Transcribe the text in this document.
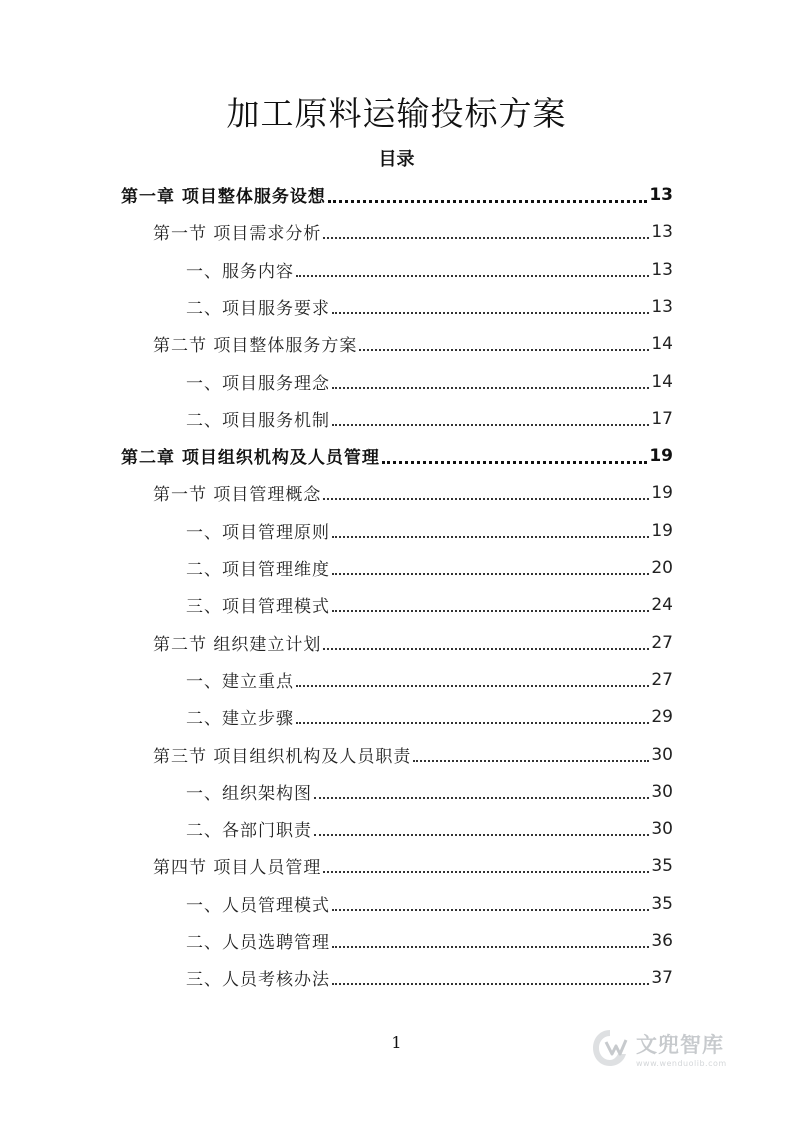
加工原料运输投标方案
目录
第一章 项目整体服务设想	13
第一节 项目需求分析	13
一、服务内容	13
二、项目服务要求	13
第二节 项目整体服务方案	14
一、项目服务理念	14
二、项目服务机制	17
第二章 项目组织机构及人员管理	19
第一节 项目管理概念	19
一、项目管理原则	19
二、项目管理维度	20
三、项目管理模式	24
第二节 组织建立计划	27
一、建立重点	27
二、建立步骤	29
第三节 项目组织机构及人员职责	30
一、组织架构图	30
二、各部门职责	30
第四节 项目人员管理	35
一、人员管理模式	35
二、人员选聘管理	36
三、人员考核办法	37
1	文兜智库
www.wenduolib.com
